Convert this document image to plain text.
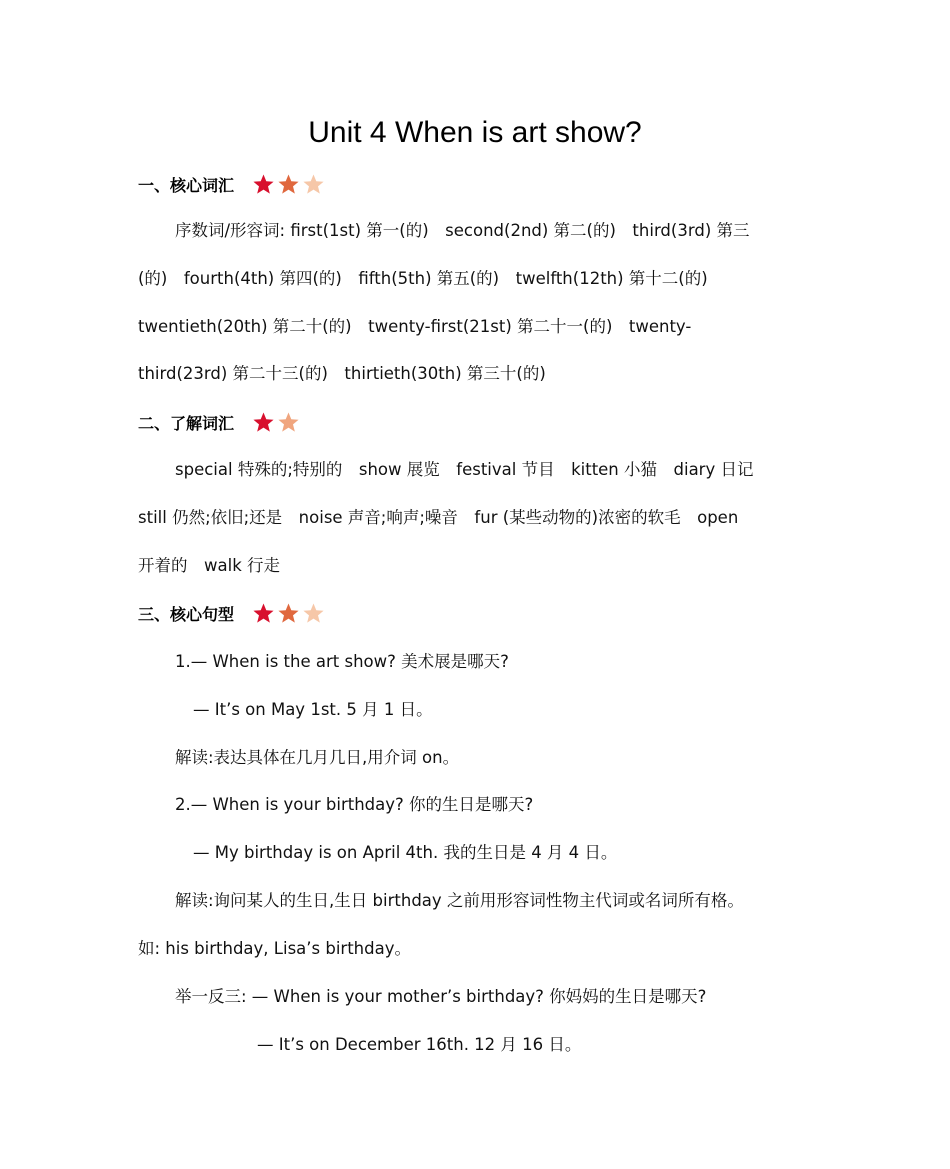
Unit 4 When is art show?
一、核心词汇
序数词/形容词: first(1st) 第一(的)　second(2nd) 第二(的)　third(3rd) 第三
(的)　fourth(4th) 第四(的)　fifth(5th) 第五(的)　twelfth(12th) 第十二(的)
twentieth(20th) 第二十(的)　twenty-first(21st) 第二十一(的)　twenty-
third(23rd) 第二十三(的)　thirtieth(30th) 第三十(的)
二、了解词汇
special 特殊的;特别的　show 展览　festival 节目　kitten 小猫　diary 日记
still 仍然;依旧;还是　noise 声音;响声;噪音　fur (某些动物的)浓密的软毛　open
开着的　walk 行走
三、核心句型
1.— When is the art show? 美术展是哪天?
— It’s on May 1st. 5 月 1 日。
解读:表达具体在几月几日,用介词 on。
2.— When is your birthday? 你的生日是哪天?
— My birthday is on April 4th. 我的生日是 4 月 4 日。
解读:询问某人的生日,生日 birthday 之前用形容词性物主代词或名词所有格。
如: his birthday, Lisa’s birthday。
举一反三: — When is your mother’s birthday? 你妈妈的生日是哪天?
— It’s on December 16th. 12 月 16 日。
